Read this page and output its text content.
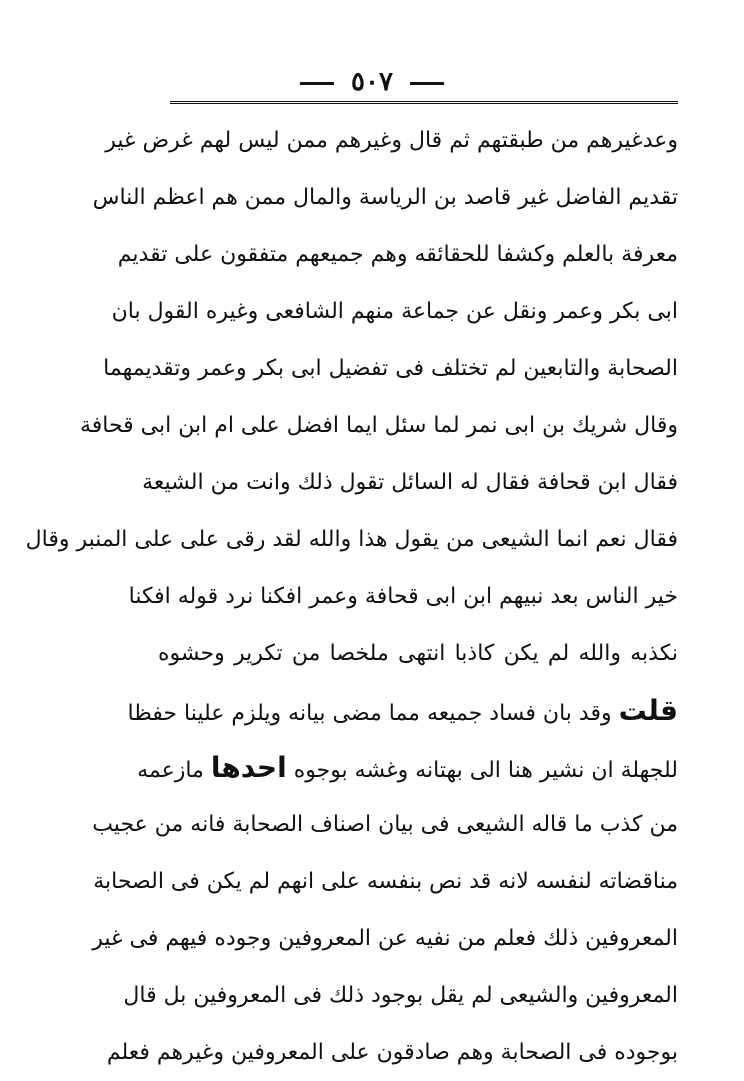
٥٠٧
وعدغيرهم من طبقتهم ثم قال وغيرهم ممن ليس لهم غرض غير
تقديم الفاضل غير قاصد بن الرياسة والمال ممن هم اعظم الناس
معرفة بالعلم وكشفا للحقائقه وهم جميعهم متفقون على تقديم
ابى بكر وعمر ونقل عن جماعة منهم الشافعى وغيره القول بان
الصحابة والتابعين لم تختلف فى تفضيل ابى بكر وعمر وتقديمهما
وقال شريك بن ابى نمر لما سئل ايما افضل على ام ابن ابى قحافة
فقال ابن قحافة فقال له السائل تقول ذلك وانت من الشيعة
فقال نعم انما الشيعى من يقول هذا والله لقد رقى على على المنبر وقال
خير الناس بعد نبيهم ابن ابى قحافة وعمر افكنا نرد قوله افكنا
نكذبه والله لم يكن كاذبا انتهى ملخصا من تكرير وحشوه
قلت وقد بان فساد جميعه مما مضى بيانه ويلزم علينا حفظا
للجهلة ان نشير هنا الى بهتانه وغشه بوجوه احدها مازعمه
من كذب ما قاله الشيعى فى بيان اصناف الصحابة فانه من عجيب
مناقضاته لنفسه لانه قد نص بنفسه على انهم لم يكن فى الصحابة
المعروفين ذلك فعلم من نفيه عن المعروفين وجوده فيهم فى غير
المعروفين والشيعى لم يقل بوجود ذلك فى المعروفين بل قال
بوجوده فى الصحابة وهم صادقون على المعروفين وغيرهم فعلم
